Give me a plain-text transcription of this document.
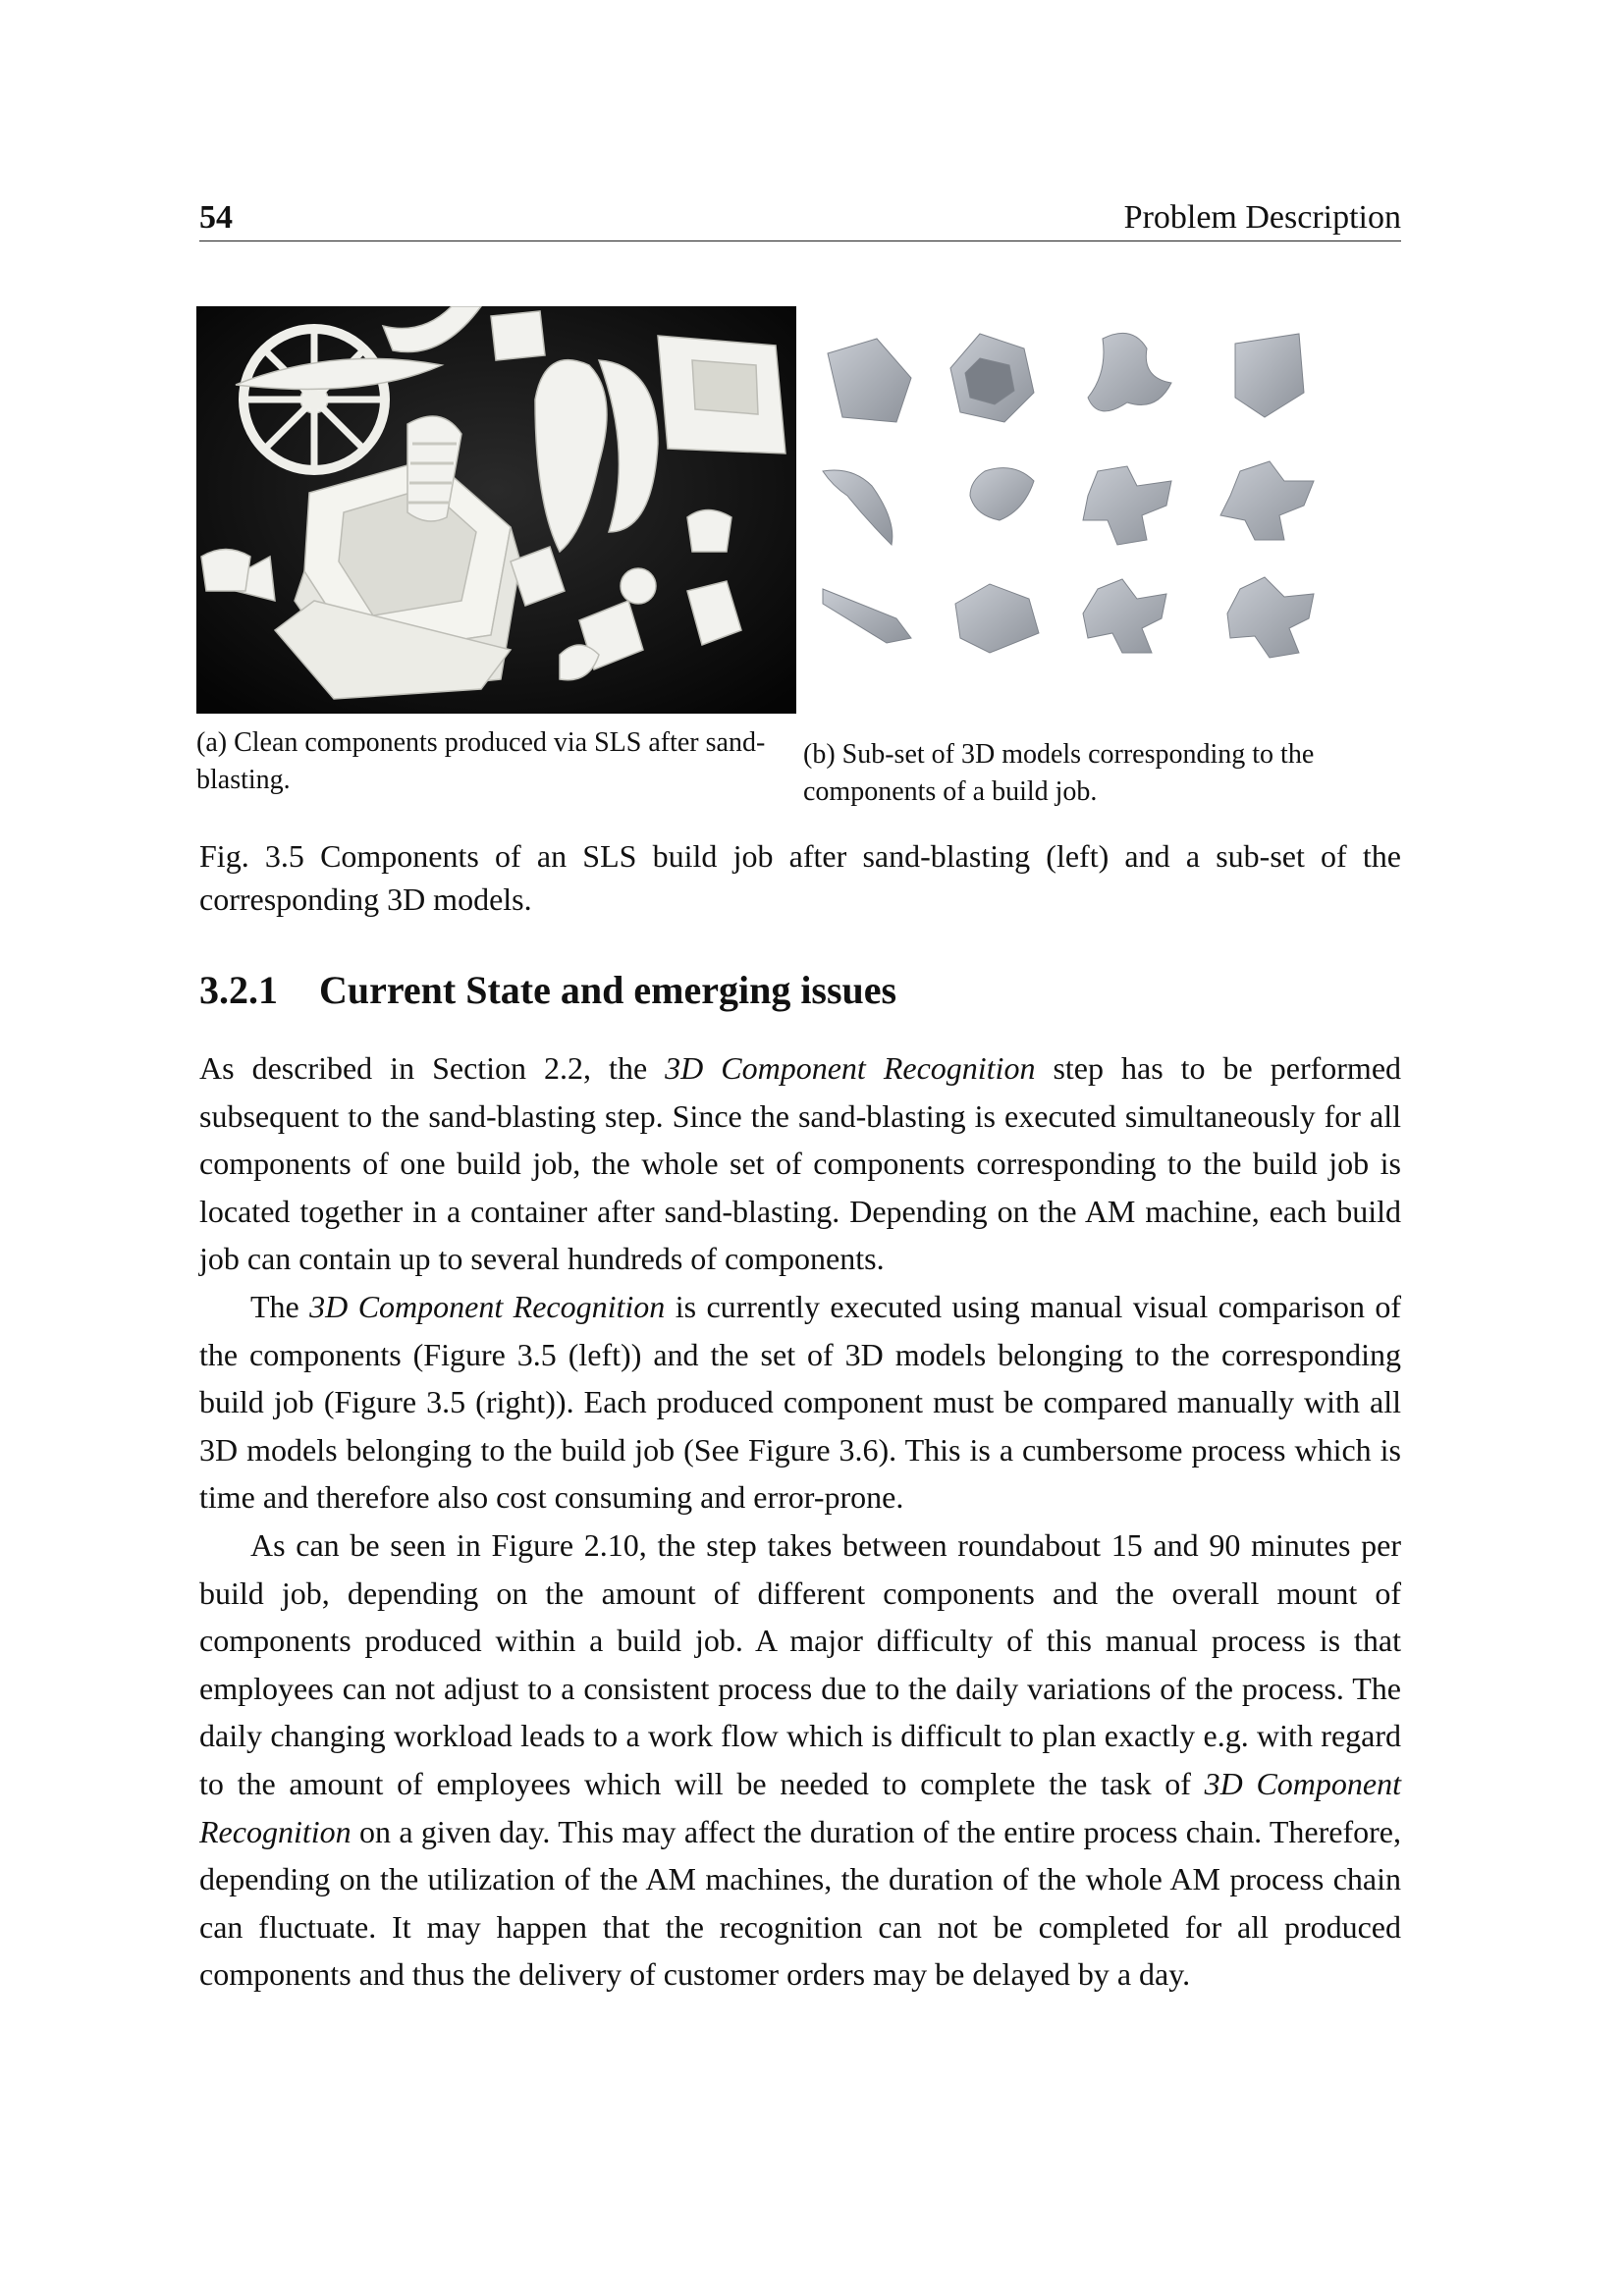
54	Problem Description
(a) Clean components produced via SLS after sand-blasting.
(b) Sub-set of 3D models corresponding to the components of a build job.
Fig. 3.5 Components of an SLS build job after sand-blasting (left) and a sub-set of the corresponding 3D models.
3.2.1	Current State and emerging issues

As described in Section 2.2, the 3D Component Recognition step has to be performed subsequent to the sand-blasting step. Since the sand-blasting is executed simultaneously for all components of one build job, the whole set of components corresponding to the build job is located together in a container after sand-blasting. Depending on the AM machine, each build job can contain up to several hundreds of components.

The 3D Component Recognition is currently executed using manual visual comparison of the components (Figure 3.5 (left)) and the set of 3D models belonging to the corresponding build job (Figure 3.5 (right)). Each produced component must be compared manually with all 3D models belonging to the build job (See Figure 3.6). This is a cumbersome process which is time and therefore also cost consuming and error-prone.

As can be seen in Figure 2.10, the step takes between roundabout 15 and 90 minutes per build job, depending on the amount of different components and the overall mount of components produced within a build job. A major difficulty of this manual process is that employees can not adjust to a consistent process due to the daily variations of the process. The daily changing workload leads to a work flow which is difficult to plan exactly e.g. with regard to the amount of employees which will be needed to complete the task of 3D Component Recognition on a given day. This may affect the duration of the entire process chain. Therefore, depending on the utilization of the AM machines, the duration of the whole AM process chain can fluctuate. It may happen that the recognition can not be completed for all produced components and thus the delivery of customer orders may be delayed by a day.
